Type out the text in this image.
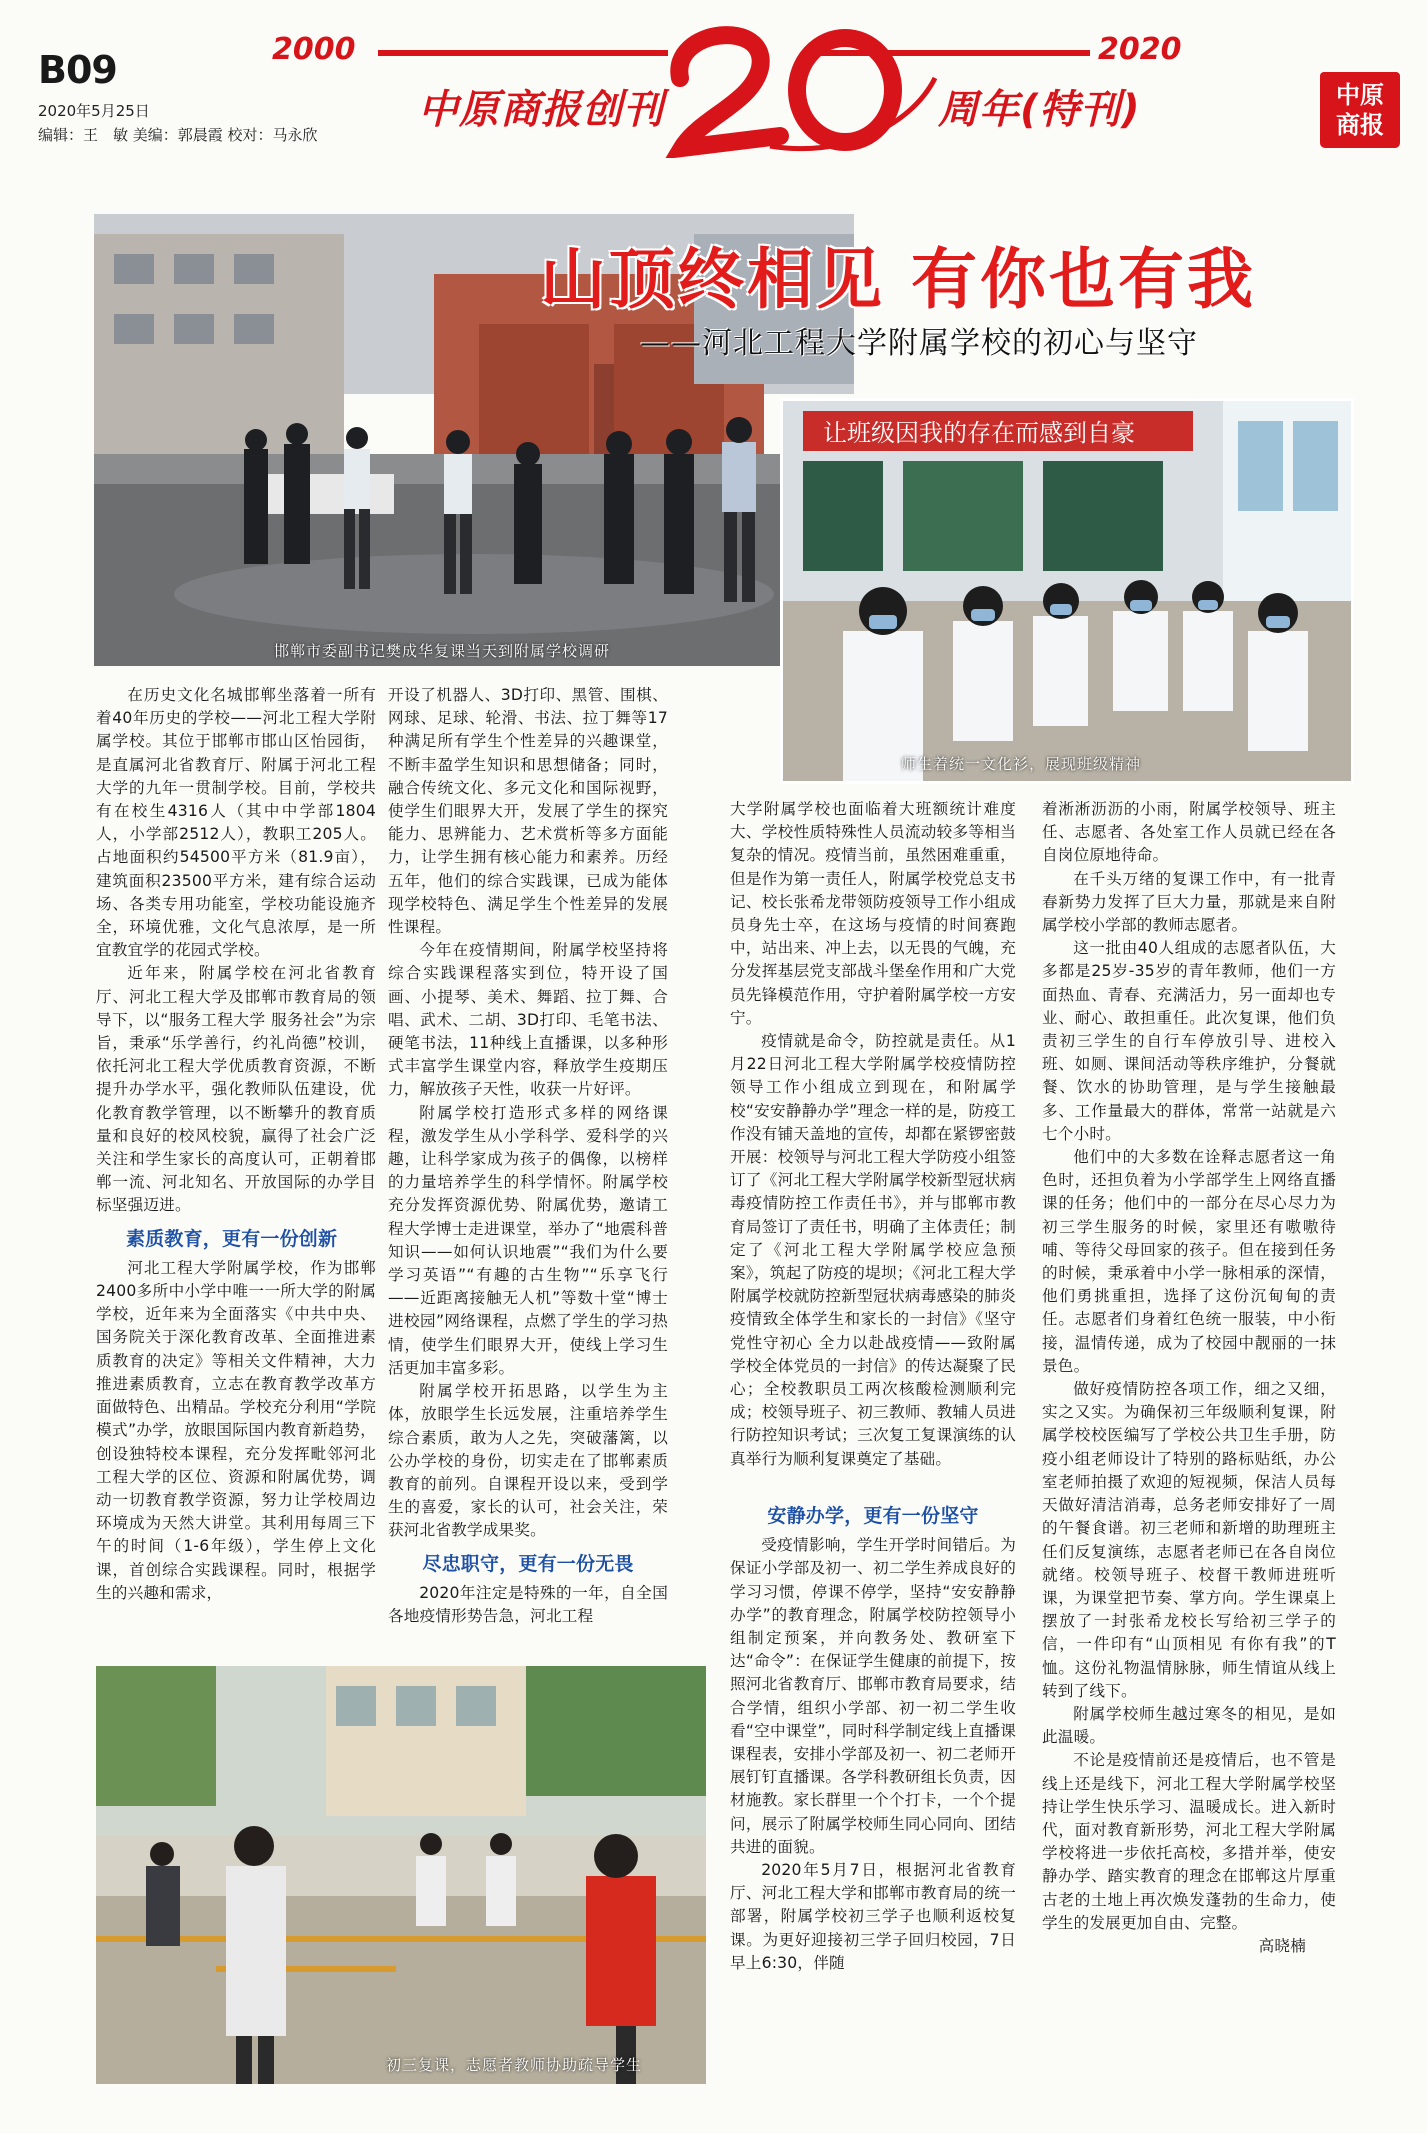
B09
2020年5月25日
编辑：王　敏 美编：郭晨霞 校对：马永欣
2000	2020
中原商报创刊	周年(特刊)	中原
商报
邯郸市委副书记樊成华复课当天到附属学校调研
山顶终相见 有你也有我
——河北工程大学附属学校的初心与坚守
让班级因我的存在而感到自豪
师生着统一文化衫，展现班级精神

在历史文化名城邯郸坐落着一所有着40年历史的学校——河北工程大学附属学校。其位于邯郸市邯山区怡园街，是直属河北省教育厅、附属于河北工程大学的九年一贯制学校。目前，学校共有在校生4316人（其中中学部1804人，小学部2512人），教职工205人。占地面积约54500平方米（81.9亩），建筑面积23500平方米，建有综合运动场、各类专用功能室，学校功能设施齐全，环境优雅，文化气息浓厚，是一所宜教宜学的花园式学校。

近年来，附属学校在河北省教育厅、河北工程大学及邯郸市教育局的领导下，以“服务工程大学 服务社会”为宗旨，秉承“乐学善行，约礼尚德”校训，依托河北工程大学优质教育资源，不断提升办学水平，强化教师队伍建设，优化教育教学管理，以不断攀升的教育质量和良好的校风校貌，赢得了社会广泛关注和学生家长的高度认可，正朝着邯郸一流、河北知名、开放国际的办学目标坚强迈进。

素质教育，更有一份创新

河北工程大学附属学校，作为邯郸2400多所中小学中唯一一所大学的附属学校，近年来为全面落实《中共中央、国务院关于深化教育改革、全面推进素质教育的决定》等相关文件精神，大力推进素质教育，立志在教育教学改革方面做特色、出精品。学校充分利用“学院模式”办学，放眼国际国内教育新趋势，创设独特校本课程，充分发挥毗邻河北工程大学的区位、资源和附属优势，调动一切教育教学资源，努力让学校周边环境成为天然大讲堂。其利用每周三下午的时间（1-6年级），学生停上文化课，首创综合实践课程。同时，根据学生的兴趣和需求，

开设了机器人、3D打印、黑管、围棋、网球、足球、轮滑、书法、拉丁舞等17种满足所有学生个性差异的兴趣课堂，不断丰盈学生知识和思想储备；同时，融合传统文化、多元文化和国际视野，使学生们眼界大开，发展了学生的探究能力、思辨能力、艺术赏析等多方面能力，让学生拥有核心能力和素养。历经五年，他们的综合实践课，已成为能体现学校特色、满足学生个性差异的发展性课程。

今年在疫情期间，附属学校坚持将综合实践课程落实到位，特开设了国画、小提琴、美术、舞蹈、拉丁舞、合唱、武术、二胡、3D打印、毛笔书法、硬笔书法，11种线上直播课，以多种形式丰富学生课堂内容，释放学生疫期压力，解放孩子天性，收获一片好评。

附属学校打造形式多样的网络课程，激发学生从小学科学、爱科学的兴趣，让科学家成为孩子的偶像，以榜样的力量培养学生的科学情怀。附属学校充分发挥资源优势、附属优势，邀请工程大学博士走进课堂，举办了“地震科普知识——如何认识地震”“我们为什么要学习英语”“有趣的古生物”“乐享飞行——近距离接触无人机”等数十堂“博士进校园”网络课程，点燃了学生的学习热情，使学生们眼界大开，使线上学习生活更加丰富多彩。

附属学校开拓思路，以学生为主体，放眼学生长远发展，注重培养学生综合素质，敢为人之先，突破藩篱，以公办学校的身份，切实走在了邯郸素质教育的前列。自课程开设以来，受到学生的喜爱，家长的认可，社会关注，荣获河北省教学成果奖。

尽忠职守，更有一份无畏

2020年注定是特殊的一年，自全国各地疫情形势告急，河北工程

大学附属学校也面临着大班额统计难度大、学校性质特殊性人员流动较多等相当复杂的情况。疫情当前，虽然困难重重，但是作为第一责任人，附属学校党总支书记、校长张希龙带领防疫领导工作小组成员身先士卒，在这场与疫情的时间赛跑中，站出来、冲上去，以无畏的气魄，充分发挥基层党支部战斗堡垒作用和广大党员先锋模范作用，守护着附属学校一方安宁。

疫情就是命令，防控就是责任。从1月22日河北工程大学附属学校疫情防控领导工作小组成立到现在，和附属学校“安安静静办学”理念一样的是，防疫工作没有铺天盖地的宣传，却都在紧锣密鼓开展：校领导与河北工程大学防疫小组签订了《河北工程大学附属学校新型冠状病毒疫情防控工作责任书》，并与邯郸市教育局签订了责任书，明确了主体责任；制定了《河北工程大学附属学校应急预案》，筑起了防疫的堤坝；《河北工程大学附属学校就防控新型冠状病毒感染的肺炎疫情致全体学生和家长的一封信》《坚守党性守初心 全力以赴战疫情——致附属学校全体党员的一封信》的传达凝聚了民心；全校教职员工两次核酸检测顺利完成；校领导班子、初三教师、教辅人员进行防控知识考试；三次复工复课演练的认真举行为顺利复课奠定了基础。

安静办学，更有一份坚守

受疫情影响，学生开学时间错后。为保证小学部及初一、初二学生养成良好的学习习惯，停课不停学，坚持“安安静静办学”的教育理念，附属学校防控领导小组制定预案，并向教务处、教研室下达“命令”：在保证学生健康的前提下，按照河北省教育厅、邯郸市教育局要求，结合学情，组织小学部、初一初二学生收看“空中课堂”，同时科学制定线上直播课课程表，安排小学部及初一、初二老师开展钉钉直播课。各学科教研组长负责，因材施教。家长群里一个个打卡，一个个提问，展示了附属学校师生同心同向、团结共进的面貌。

2020年5月7日，根据河北省教育厅、河北工程大学和邯郸市教育局的统一部署，附属学校初三学子也顺利返校复课。为更好迎接初三学子回归校园，7日早上6:30，伴随

着淅淅沥沥的小雨，附属学校领导、班主任、志愿者、各处室工作人员就已经在各自岗位原地待命。

在千头万绪的复课工作中，有一批青春新势力发挥了巨大力量，那就是来自附属学校小学部的教师志愿者。

这一批由40人组成的志愿者队伍，大多都是25岁-35岁的青年教师，他们一方面热血、青春、充满活力，另一面却也专业、耐心、敢担重任。此次复课，他们负责初三学生的自行车停放引导、进校入班、如厕、课间活动等秩序维护，分餐就餐、饮水的协助管理，是与学生接触最多、工作量最大的群体，常常一站就是六七个小时。

他们中的大多数在诠释志愿者这一角色时，还担负着为小学部学生上网络直播课的任务；他们中的一部分在尽心尽力为初三学生服务的时候，家里还有嗷嗷待哺、等待父母回家的孩子。但在接到任务的时候，秉承着中小学一脉相承的深情，他们勇挑重担，选择了这份沉甸甸的责任。志愿者们身着红色统一服装，中小衔接，温情传递，成为了校园中靓丽的一抹景色。

做好疫情防控各项工作，细之又细，实之又实。为确保初三年级顺利复课，附属学校校医编写了学校公共卫生手册，防疫小组老师设计了特别的路标贴纸，办公室老师拍摄了欢迎的短视频，保洁人员每天做好清洁消毒，总务老师安排好了一周的午餐食谱。初三老师和新增的助理班主任们反复演练，志愿者老师已在各自岗位就绪。校领导班子、校督干教师进班听课，为课堂把节奏、掌方向。学生课桌上摆放了一封张希龙校长写给初三学子的信，一件印有“山顶相见 有你有我”的T恤。这份礼物温情脉脉，师生情谊从线上转到了线下。

附属学校师生越过寒冬的相见，是如此温暖。

不论是疫情前还是疫情后，也不管是线上还是线下，河北工程大学附属学校坚持让学生快乐学习、温暖成长。进入新时代，面对教育新形势，河北工程大学附属学校将进一步依托高校，多措并举，使安静办学、踏实教育的理念在邯郸这片厚重古老的土地上再次焕发蓬勃的生命力，使学生的发展更加自由、完整。

高晓楠
初三复课，志愿者教师协助疏导学生
